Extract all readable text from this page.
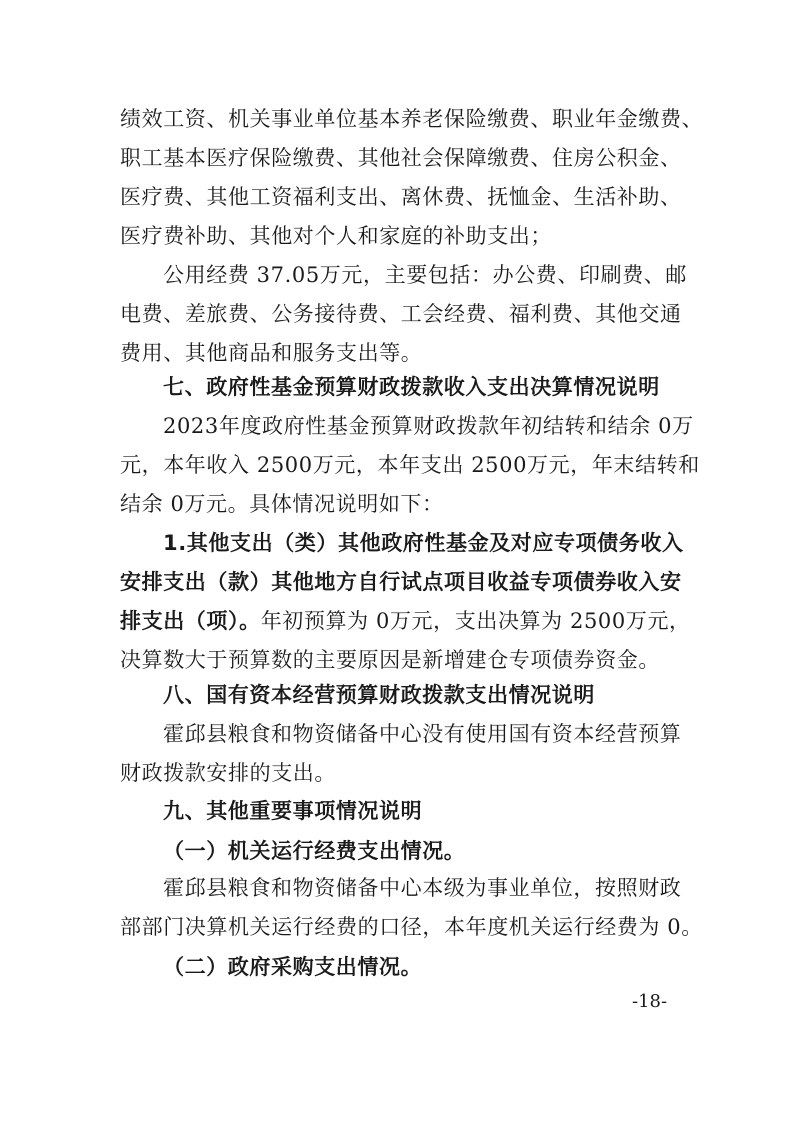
绩效工资、机关事业单位基本养老保险缴费、职业年金缴费、
职工基本医疗保险缴费、其他社会保障缴费、住房公积金、
医疗费、其他工资福利支出、离休费、抚恤金、生活补助、
医疗费补助、其他对个人和家庭的补助支出；
公用经费 37.05万元，主要包括：办公费、印刷费、邮
电费、差旅费、公务接待费、工会经费、福利费、其他交通
费用、其他商品和服务支出等。
七、政府性基金预算财政拨款收入支出决算情况说明
2023年度政府性基金预算财政拨款年初结转和结余 0万
元，本年收入 2500万元，本年支出 2500万元，年末结转和
结余 0万元。具体情况说明如下：
1.其他支出（类）其他政府性基金及对应专项债务收入
安排支出（款）其他地方自行试点项目收益专项债券收入安
排支出（项）。年初预算为 0万元，支出决算为 2500万元，
决算数大于预算数的主要原因是新增建仓专项债券资金。
八、国有资本经营预算财政拨款支出情况说明
霍邱县粮食和物资储备中心没有使用国有资本经营预算
财政拨款安排的支出。
九、其他重要事项情况说明
（一）机关运行经费支出情况。
霍邱县粮食和物资储备中心本级为事业单位，按照财政
部部门决算机关运行经费的口径，本年度机关运行经费为 0。
（二）政府采购支出情况。
-18-
